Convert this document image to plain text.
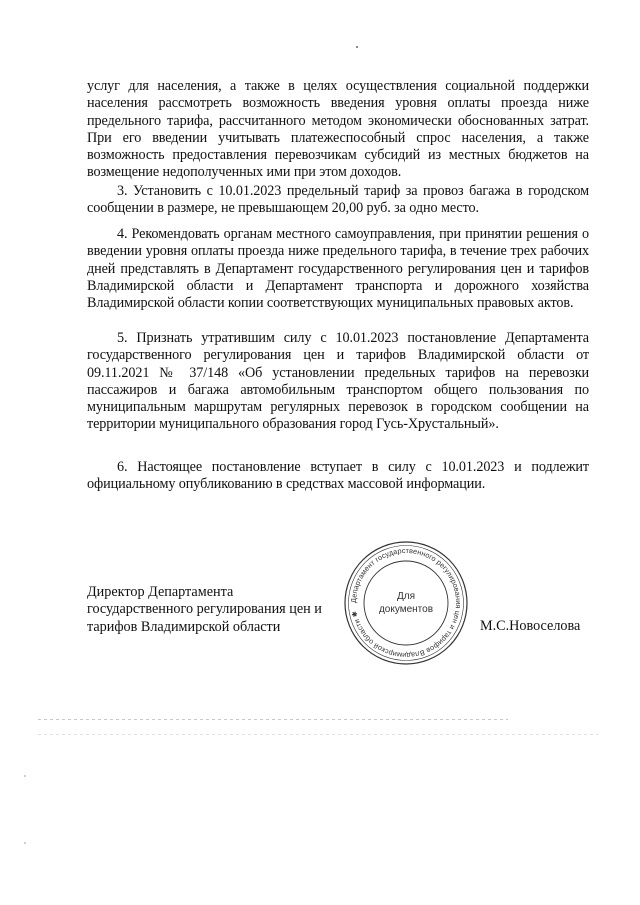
услуг для населения, а также в целях осуществления социальной поддержки населения рассмотреть возможность введения уровня оплаты проезда ниже предельного тарифа, рассчитанного методом экономически обоснованных затрат. При его введении учитывать платежеспособный спрос населения, а также возможность предоставления перевозчикам субсидий из местных бюджетов на возмещение недополученных ими при этом доходов.

3. Установить с 10.01.2023 предельный тариф за провоз багажа в городском сообщении в размере, не превышающем 20,00 руб. за одно место.

4. Рекомендовать органам местного самоуправления, при принятии решения о введении уровня оплаты проезда ниже предельного тарифа, в течение трех рабочих дней представлять в Департамент государственного регулирования цен и тарифов Владимирской области и Департамент транспорта и дорожного хозяйства Владимирской области копии соответствующих муниципальных правовых актов.

5. Признать утратившим силу с 10.01.2023 постановление Департамента государственного регулирования цен и тарифов Владимирской области от 09.11.2021 № 37/148 «Об установлении предельных тарифов на перевозки пассажиров и багажа автомобильным транспортом общего пользования по муниципальным маршрутам регулярных перевозок в городском сообщении на территории муниципального образования город Гусь-Хрустальный».

6. Настоящее постановление вступает в силу с 10.01.2023 и подлежит официальному опубликованию в средствах массовой информации.

Директор Департамента
государственного регулирования цен и
тарифов Владимирской области
Департамент государственного регулирования цен и тарифов Владимирской области ✱
Для
документов
М.С.Новоселова
